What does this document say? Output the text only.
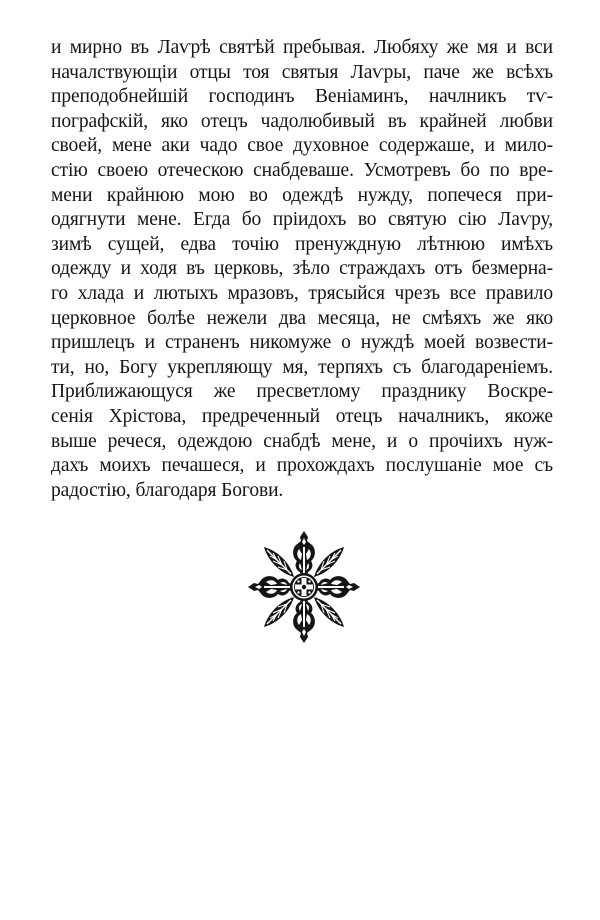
и мирно въ Лаѵрѣ святѣй пребывая. Любяху же мя и вси
началствующіи отцы тоя святыя Лаѵры, паче же всѣхъ
преподобнейшій господинъ Веніаминъ, начлникъ тѵ-
пографскій, яко отецъ чадолюбивый въ крайней любви
своей, мене аки чадо свое духовное содержаше, и мило-
стію своею отеческою снабдеваше. Усмотревъ бо по вре-
мени крайнюю мою во одеждѣ нужду, попечеся при-
одягнути мене. Егда бо пріидохъ во святую сію Лаѵру,
зимѣ сущей, едва точію пренуждную лѣтнюю имѣхъ
одежду и ходя въ церковь, зѣло страждахъ отъ безмерна-
го хлада и лютыхъ мразовъ, трясыйся чрезъ все правило
церковное болѣе нежели два месяца, не смѣяхъ же яко
пришлецъ и страненъ никомуже о нуждѣ моей возвести-
ти, но, Богу укрепляющу мя, терпяхъ съ благодареніемъ.
Приближающуся же пресветлому празднику Воскре-
сенія Хрістова, предреченный отецъ началникъ, якоже
выше речеся, одеждою снабдѣ мене, и о прочіихъ нуж-
дахъ моихъ печашеся, и прохождахъ послушаніе мое съ
радостію, благодаря Богови.
